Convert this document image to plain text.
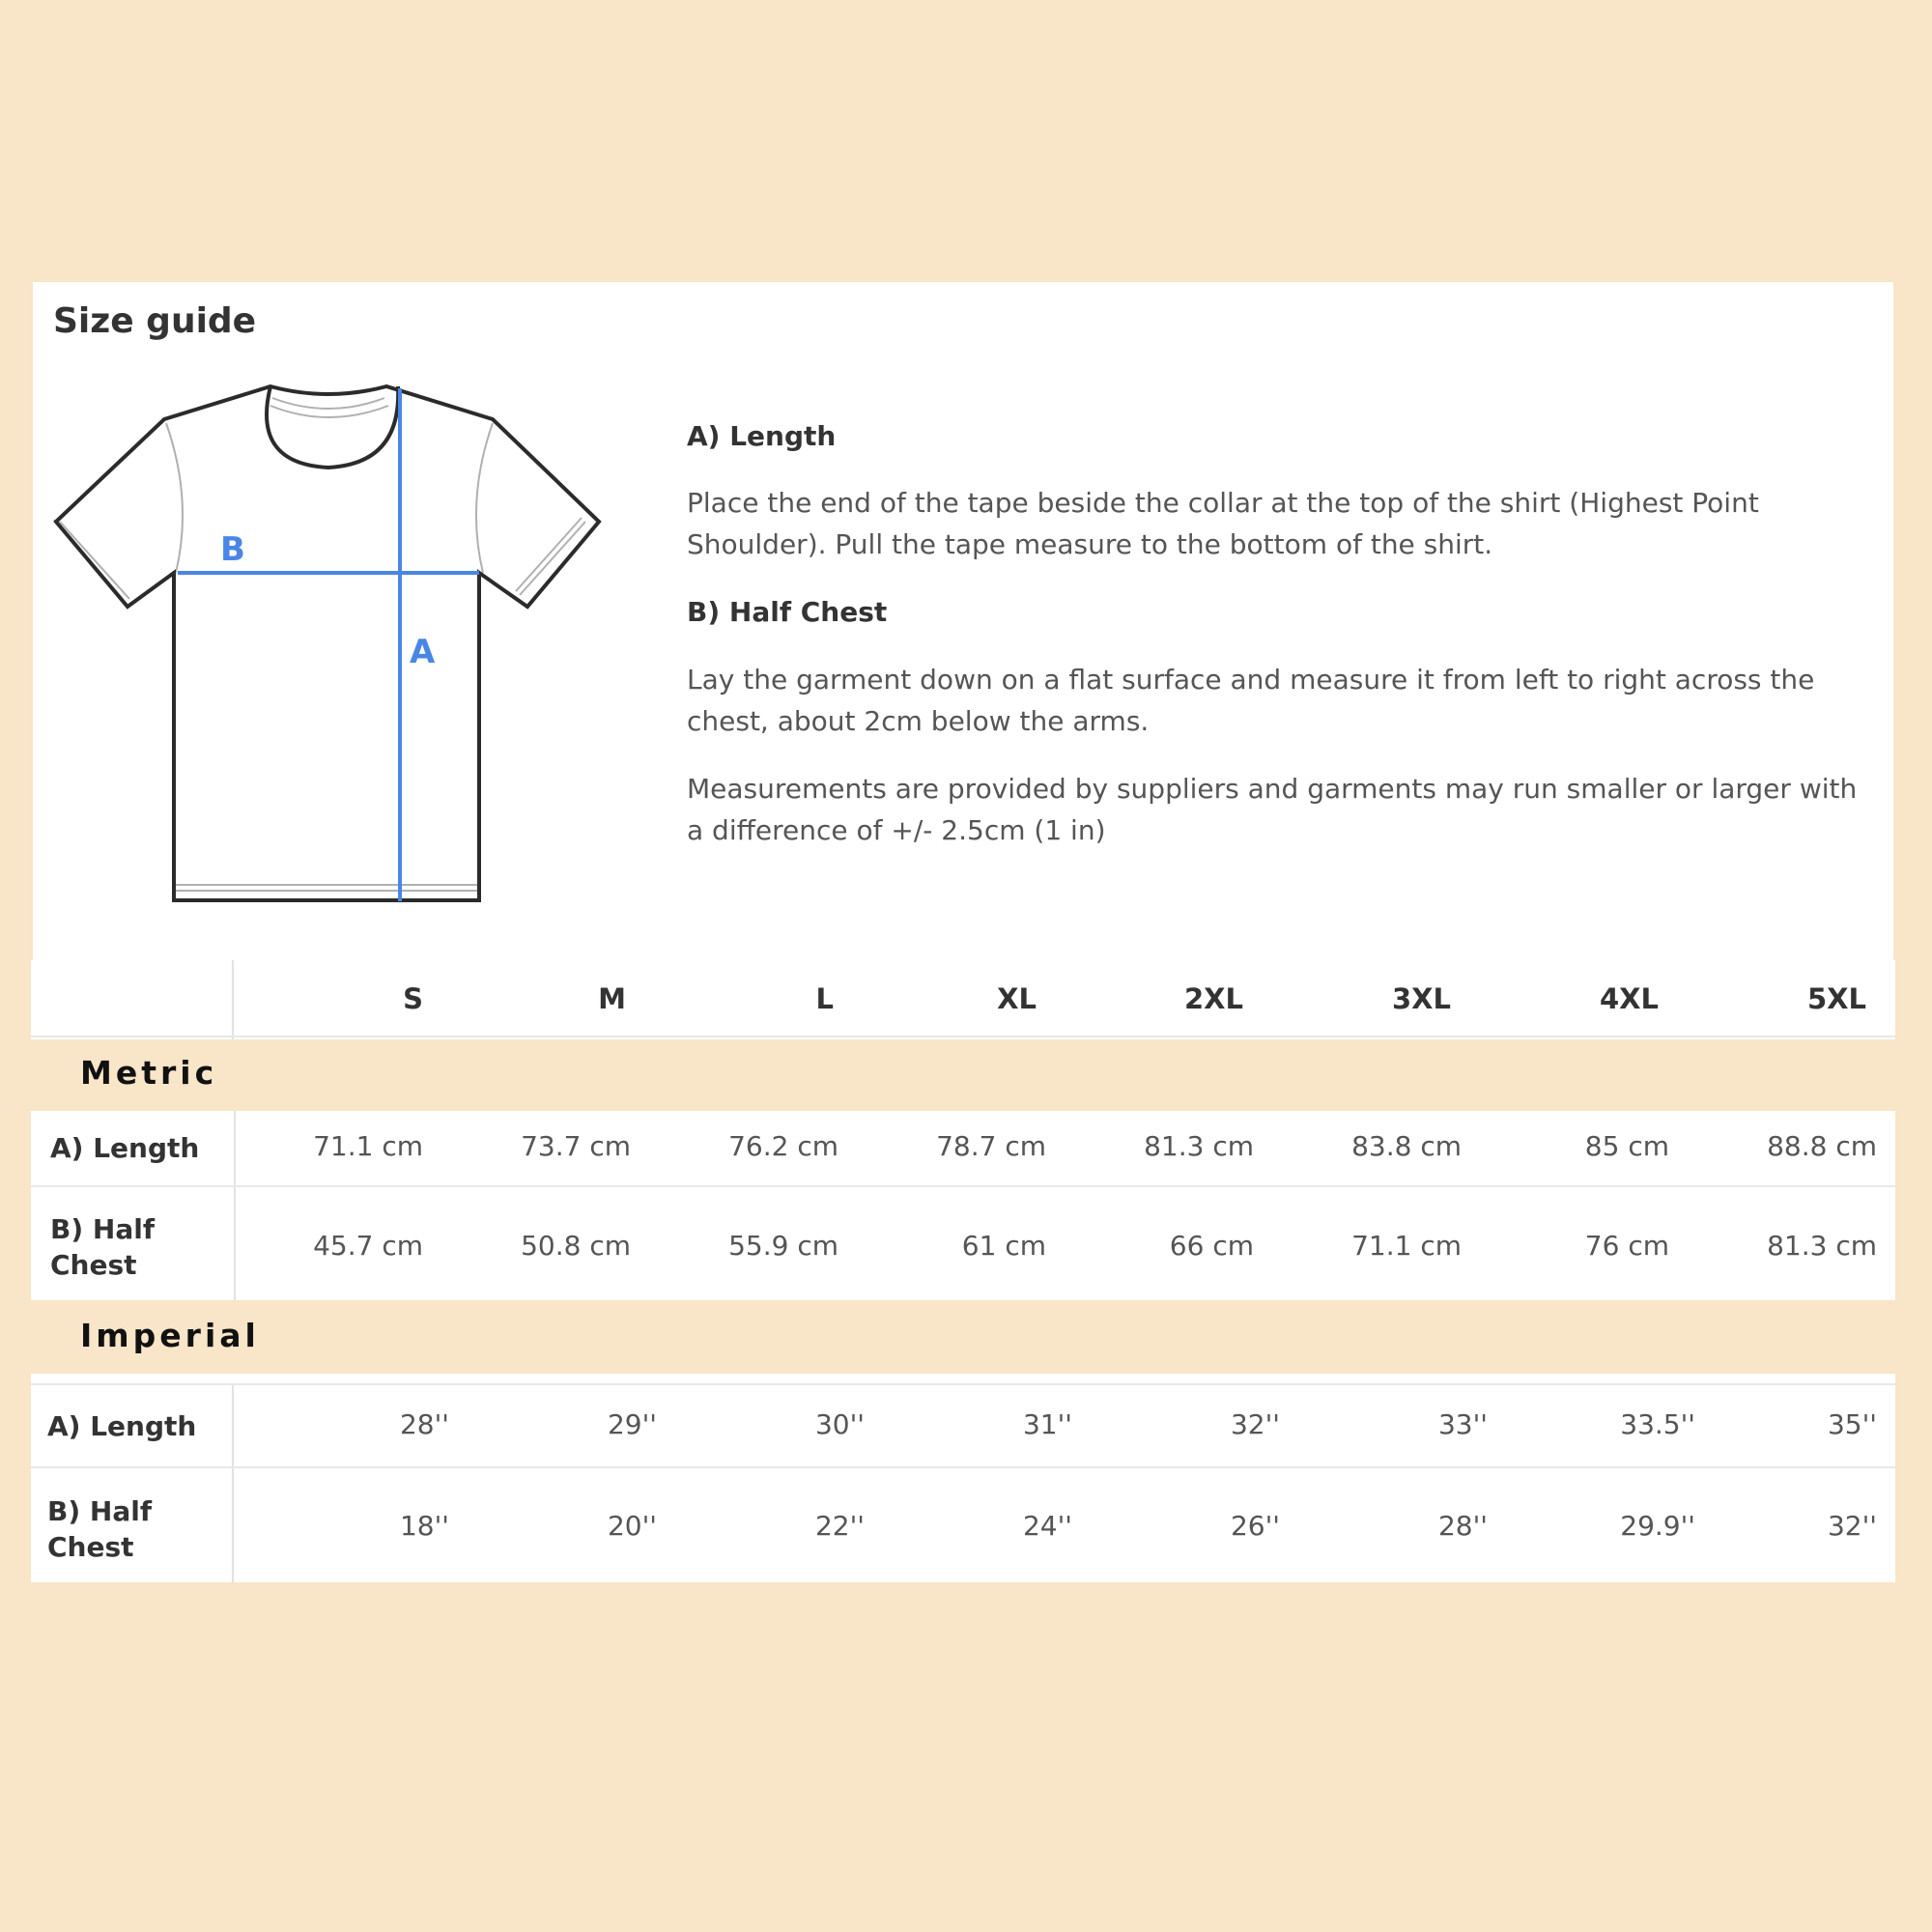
Size guide
B
A
A) Length

Place the end of the tape beside the collar at the top of the shirt (Highest Point Shoulder). Pull the tape measure to the bottom of the shirt.

B) Half Chest

Lay the garment down on a flat surface and measure it from left to right across the chest, about 2cm below the arms.

Measurements are provided by suppliers and garments may run smaller or larger with a difference of +/- 2.5cm (1 in)

S	M	L	XL	2XL	3XL	4XL	5XL
Metric
A) Length	71.1 cm	73.7 cm	76.2 cm	78.7 cm	81.3 cm	83.8 cm	85 cm	88.8 cm
B) Half
Chest
45.7 cm	50.8 cm	55.9 cm	61 cm	66 cm	71.1 cm	76 cm	81.3 cm
Imperial
A) Length	28''	29''	30''	31''	32''	33''	33.5''	35''
B) Half
Chest
18''	20''	22''	24''	26''	28''	29.9''	32''
